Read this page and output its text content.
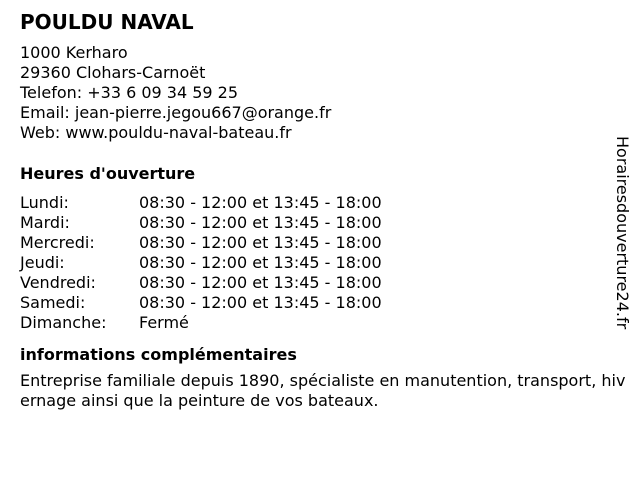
POULDU NAVAL
1000 Kerharo
29360 Clohars-Carnoët
Telefon: +33 6 09 34 59 25
Email: jean-pierre.jegou667@orange.fr
Web: www.pouldu-naval-bateau.fr
Heures d'ouverture
Lundi:	08:30 - 12:00 et 13:45 - 18:00
Mardi:	08:30 - 12:00 et 13:45 - 18:00
Mercredi:	08:30 - 12:00 et 13:45 - 18:00
Jeudi:	08:30 - 12:00 et 13:45 - 18:00
Vendredi:	08:30 - 12:00 et 13:45 - 18:00
Samedi:	08:30 - 12:00 et 13:45 - 18:00
Dimanche:	Fermé
informations complémentaires
Entreprise familiale depuis 1890, spécialiste en manutention, transport, hivernage ainsi que la peinture de vos bateaux.
Horairesdouverture24.fr
